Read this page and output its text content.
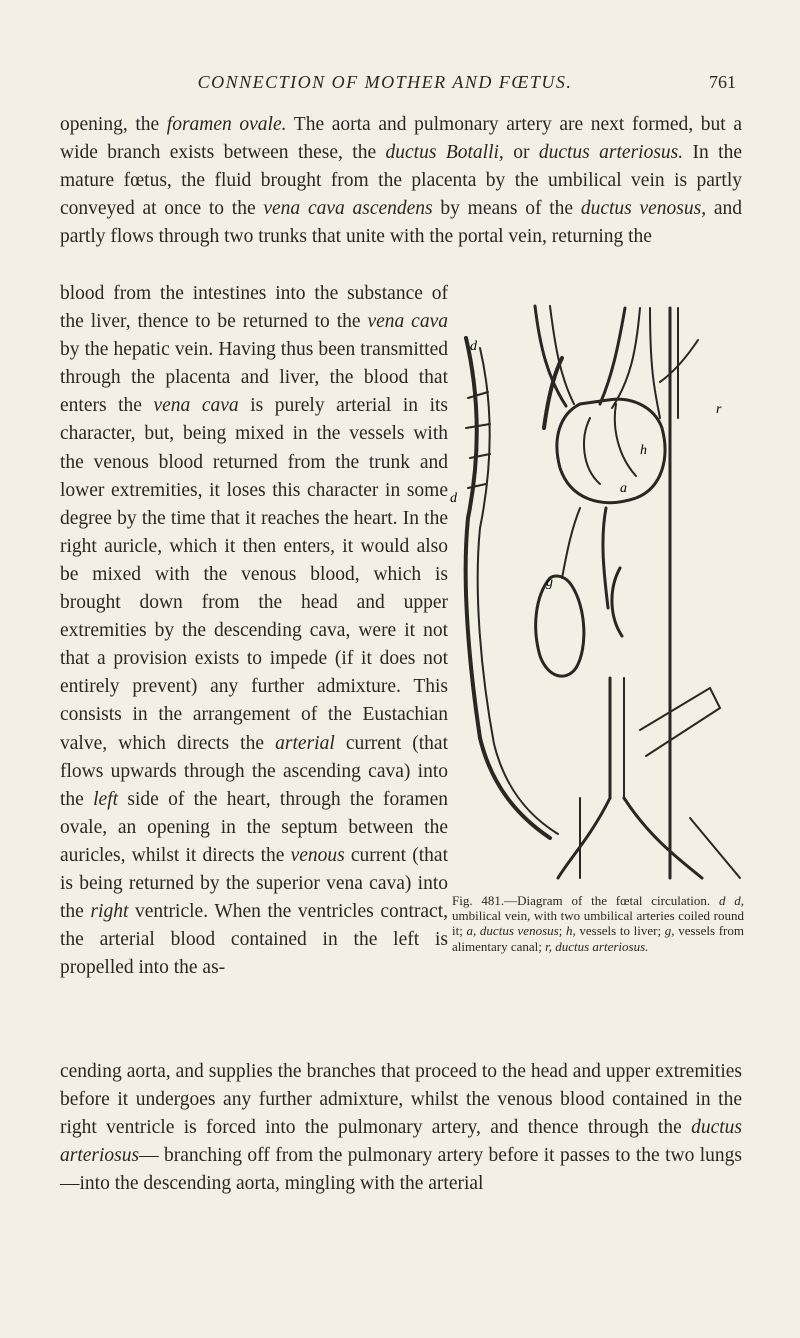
CONNECTION OF MOTHER AND FŒTUS.	761

opening, the foramen ovale. The aorta and pulmonary artery are next formed, but a wide branch exists between these, the ductus Botalli, or ductus arteriosus. In the mature fœtus, the fluid brought from the placenta by the umbilical vein is partly conveyed at once to the vena cava ascendens by means of the ductus venosus, and partly flows through two trunks that unite with the portal vein, returning the

blood from the intestines into the substance of the liver, thence to be returned to the vena cava by the hepatic vein. Having thus been transmitted through the placenta and liver, the blood that enters the vena cava is purely arterial in its character, but, being mixed in the vessels with the venous blood returned from the trunk and lower extremities, it loses this character in some degree by the time that it reaches the heart. In the right auricle, which it then enters, it would also be mixed with the venous blood, which is brought down from the head and upper extremities by the descending cava, were it not that a provision exists to impede (if it does not entirely prevent) any further admixture. This consists in the arrangement of the Eustachian valve, which directs the arterial current (that flows upwards through the ascending cava) into the left side of the heart, through the foramen ovale, an opening in the septum between the auricles, whilst it directs the venous current (that is being returned by the superior vena cava) into the right ventricle. When the ventricles contract, the arterial blood contained in the left is propelled into the as-

d
d
r
a
h
g

Fig. 481.—Diagram of the fœtal circulation. d d, umbilical vein, with two umbilical arteries coiled round it; a, ductus venosus; h, vessels to liver; g, vessels from alimentary canal; r, ductus arteriosus.

cending aorta, and supplies the branches that proceed to the head and upper extremities before it undergoes any further admixture, whilst the venous blood contained in the right ventricle is forced into the pulmonary artery, and thence through the ductus arteriosus— branching off from the pulmonary artery before it passes to the two lungs—into the descending aorta, mingling with the arterial
